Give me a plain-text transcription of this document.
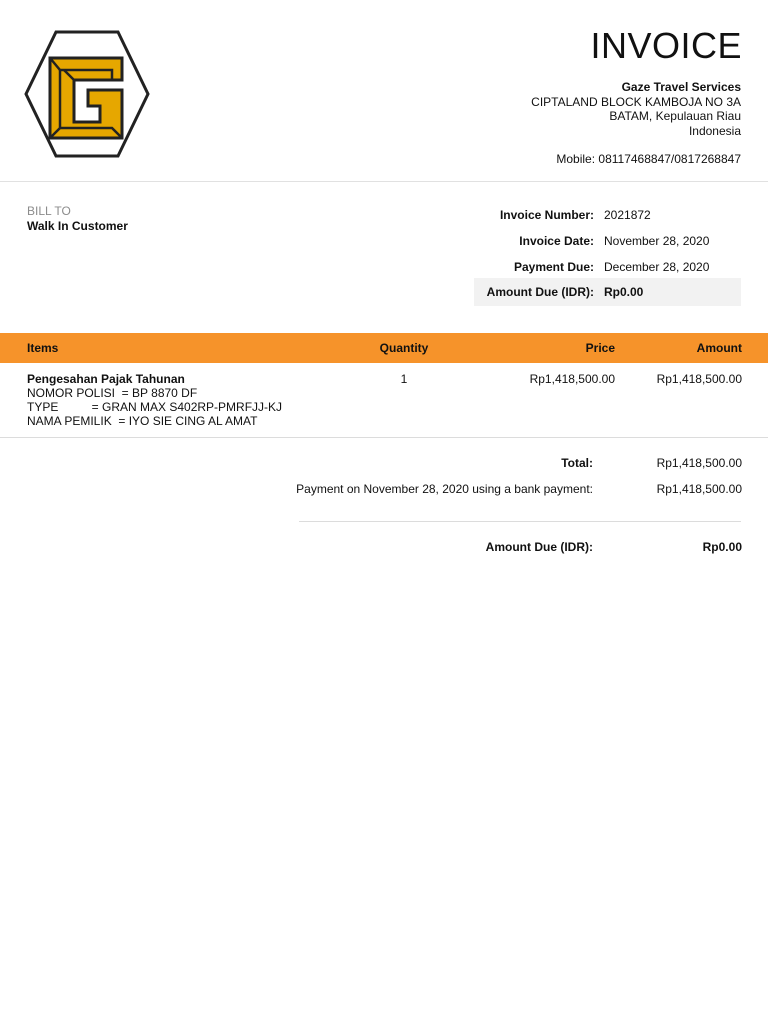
INVOICE
Gaze Travel Services
CIPTALAND BLOCK KAMBOJA NO 3A
BATAM, Kepulauan Riau
Indonesia
Mobile: 08117468847/0817268847
BILL TO
Walk In Customer
Invoice Number: 2021872
Invoice Date: November 28, 2020
Payment Due: December 28, 2020
Amount Due (IDR): Rp0.00
Items	Quantity	Price	Amount
Pengesahan Pajak Tahunan
NOMOR POLISI  = BP 8870 DF
TYPE          = GRAN MAX S402RP-PMRFJJ-KJ
NAMA PEMILIK  = IYO SIE CING AL AMAT
1	Rp1,418,500.00	Rp1,418,500.00
Total:	Rp1,418,500.00
Payment on November 28, 2020 using a bank payment:	Rp1,418,500.00
Amount Due (IDR):	Rp0.00
